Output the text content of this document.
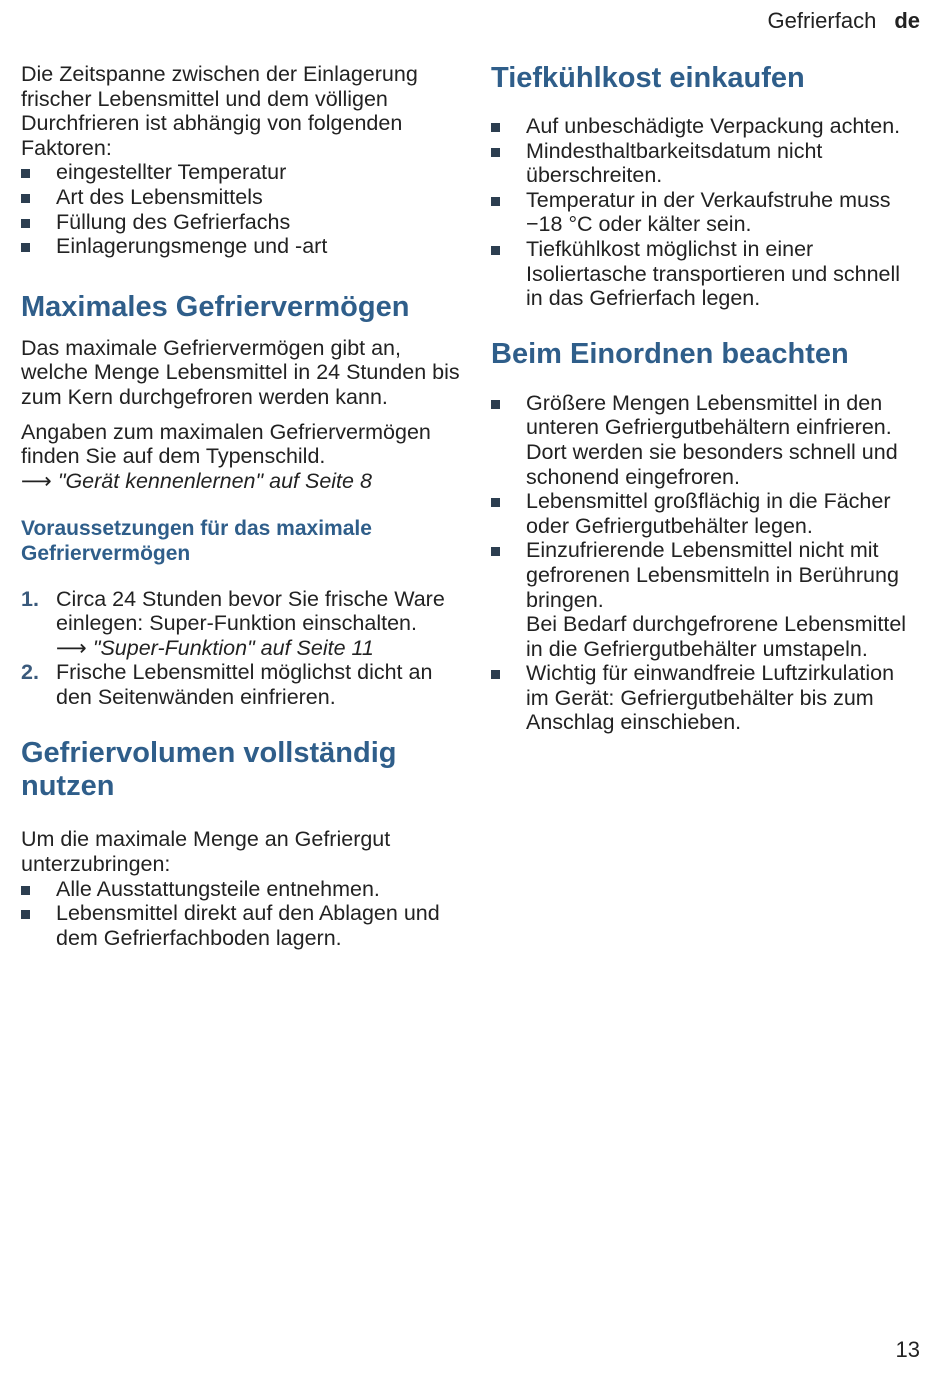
Gefrierfach de

Die Zeitspanne zwischen der Einlagerung frischer Lebensmittel und dem völligen Durchfrieren ist abhängig von folgenden Faktoren:

eingestellter Temperatur
Art des Lebensmittels
Füllung des Gefrierfachs
Einlagerungsmenge und -art
Maximales Gefriervermögen

Das maximale Gefriervermögen gibt an, welche Menge Lebensmittel in 24 Stunden bis zum Kern durchgefroren werden kann.

Angaben zum maximalen Gefriervermögen finden Sie auf dem Typenschild.
⟶ "Gerät kennenlernen" auf Seite 8

Voraussetzungen für das maximale Gefriervermögen
1. Circa 24 Stunden bevor Sie frische Ware einlegen: Super-Funktion einschalten.
⟶ "Super-Funktion" auf Seite 11
2. Frische Lebensmittel möglichst dicht an den Seitenwänden einfrieren.
Gefriervolumen vollständig nutzen

Um die maximale Menge an Gefriergut unterzubringen:

Alle Ausstattungsteile entnehmen.
Lebensmittel direkt auf den Ablagen und dem Gefrierfachboden lagern.
Tiefkühlkost einkaufen
Auf unbeschädigte Verpackung achten.
Mindesthaltbarkeitsdatum nicht überschreiten.
Temperatur in der Verkaufstruhe muss −18 °C oder kälter sein.
Tiefkühlkost möglichst in einer Isoliertasche transportieren und schnell in das Gefrierfach legen.
Beim Einordnen beachten
Größere Mengen Lebensmittel in den unteren Gefriergutbehältern einfrieren.
Dort werden sie besonders schnell und schonend eingefroren.
Lebensmittel großflächig in die Fächer oder Gefriergutbehälter legen.
Einzufrierende Lebensmittel nicht mit gefrorenen Lebensmitteln in Berührung bringen.
Bei Bedarf durchgefrorene Lebensmittel in die Gefriergutbehälter umstapeln.
Wichtig für einwandfreie Luftzirkulation im Gerät: Gefriergutbehälter bis zum Anschlag einschieben.
13
